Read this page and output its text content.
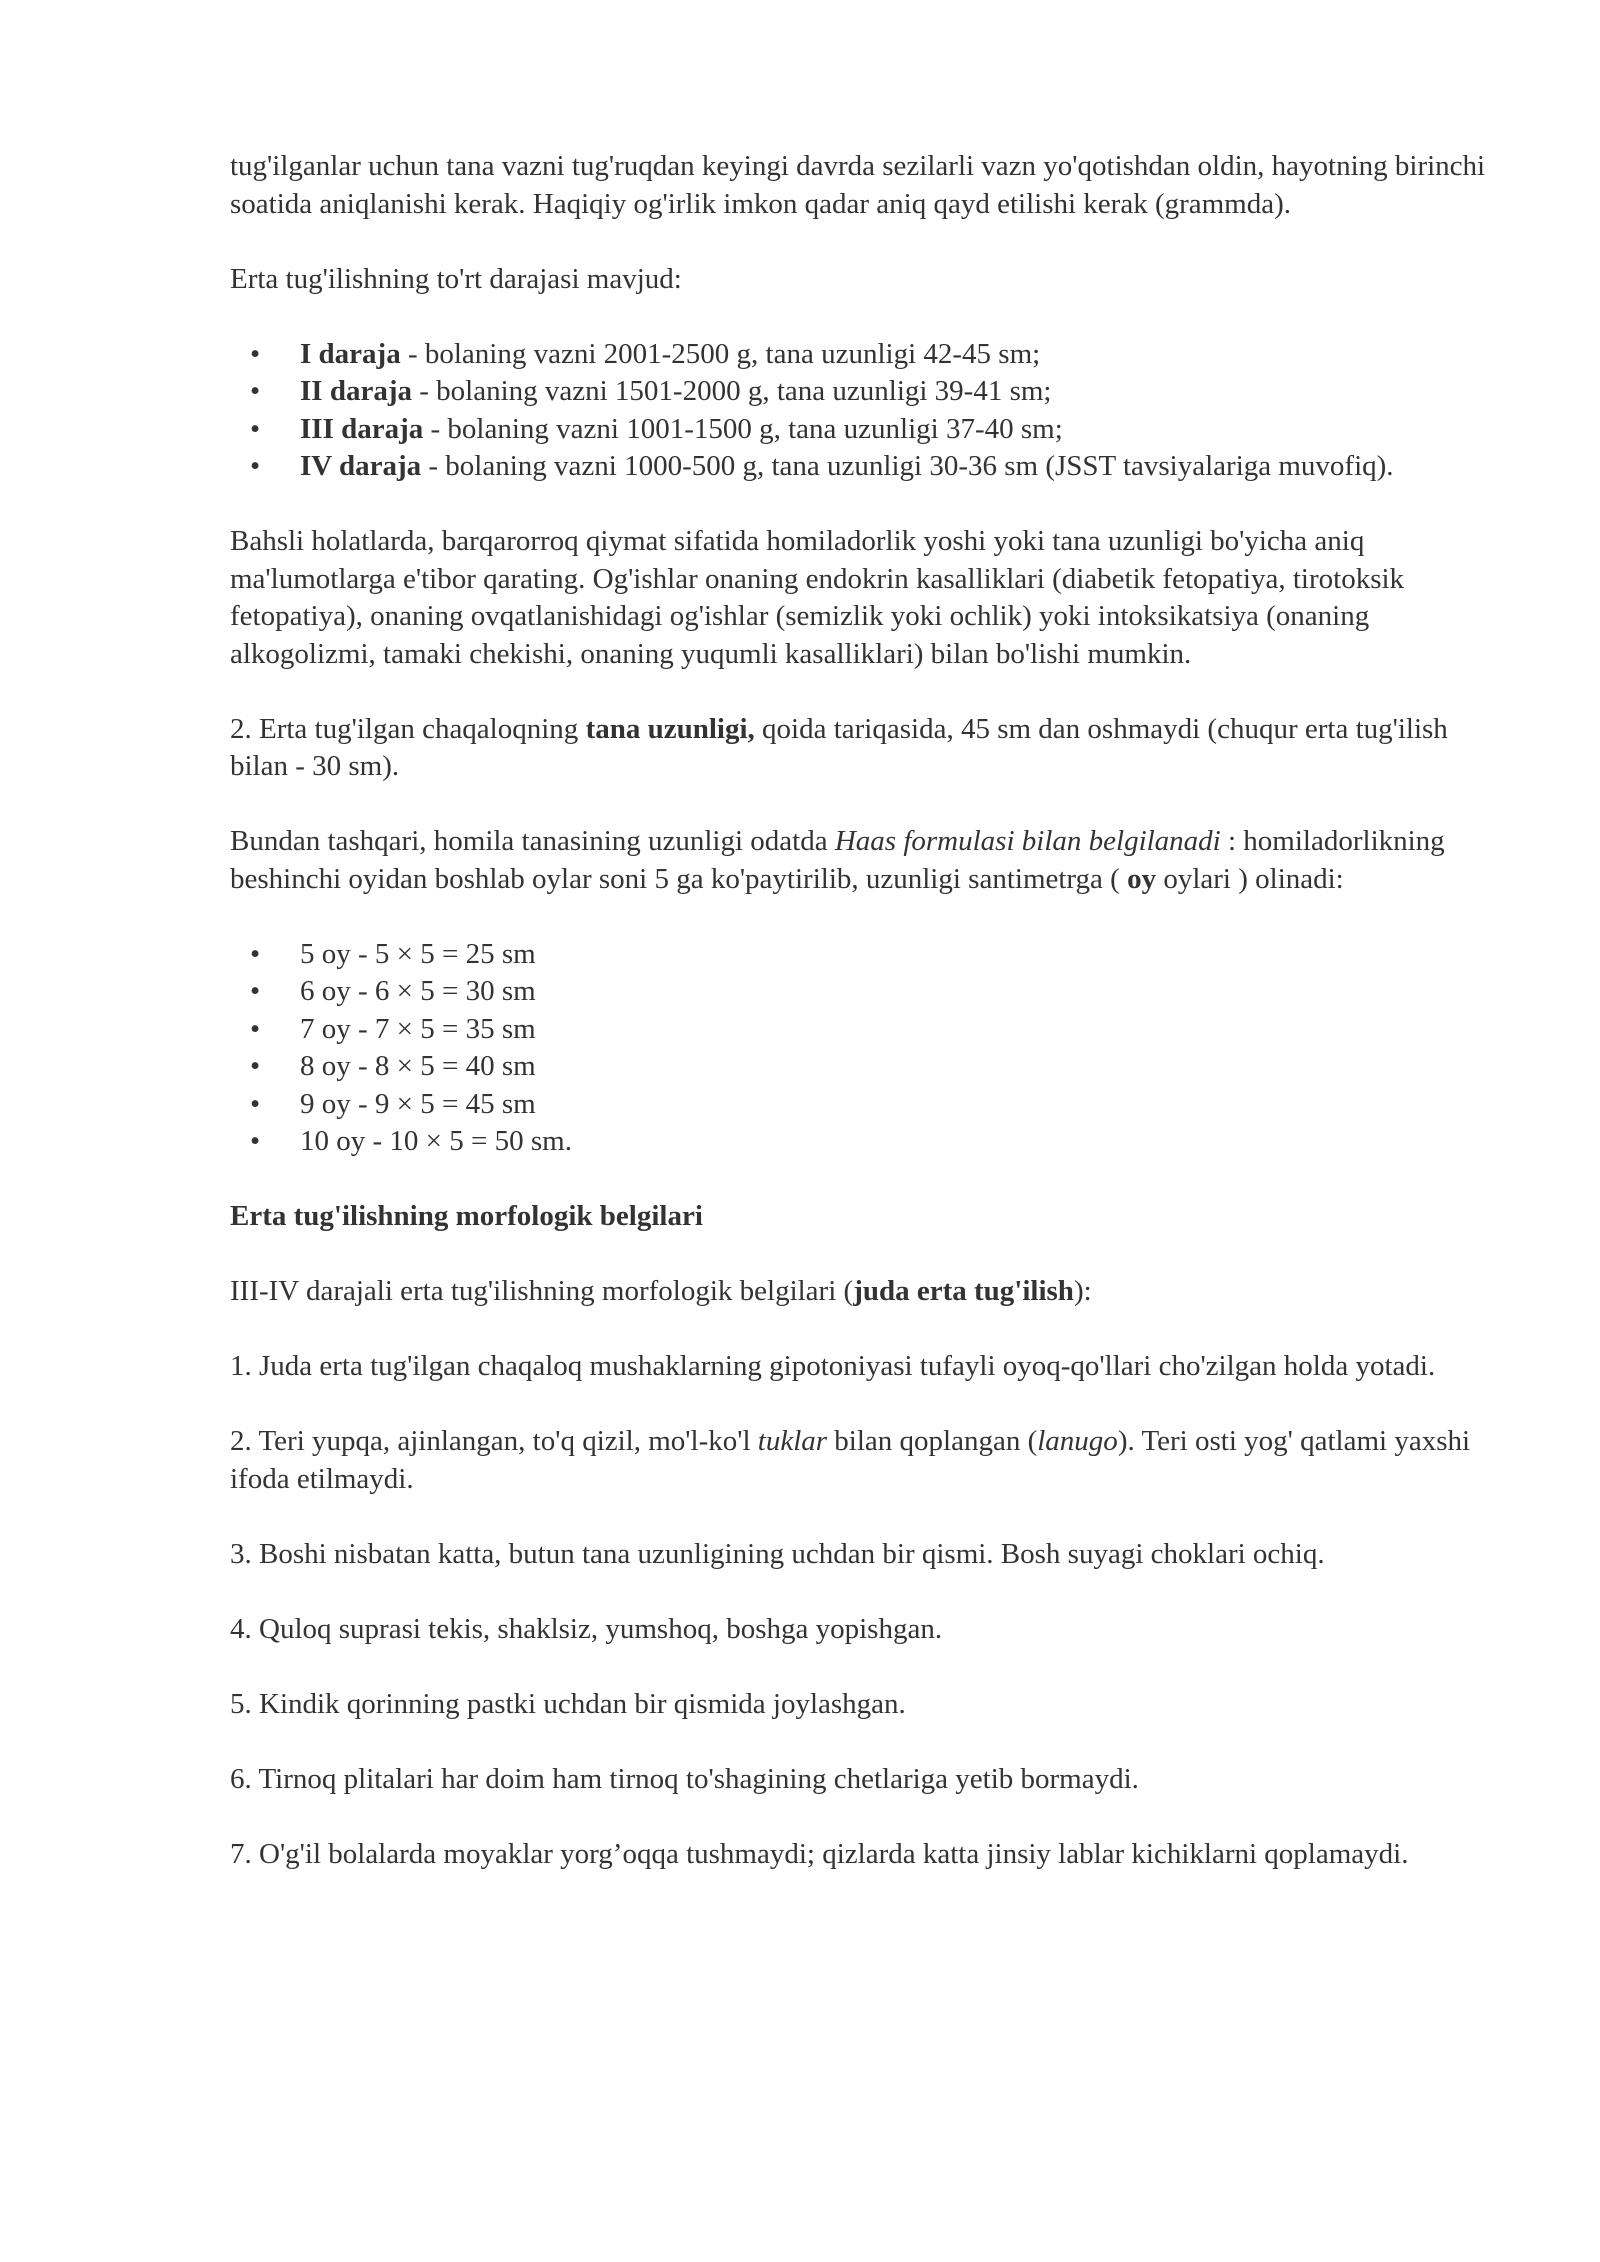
tug'ilganlar uchun tana vazni tug'ruqdan keyingi davrda sezilarli vazn yo'qotishdan oldin, hayotning birinchi soatida aniqlanishi kerak. Haqiqiy og'irlik imkon qadar aniq qayd etilishi kerak (grammda).

Erta tug'ilishning to'rt darajasi mavjud:

• I daraja - bolaning vazni 2001-2500 g, tana uzunligi 42-45 sm;
• II daraja - bolaning vazni 1501-2000 g, tana uzunligi 39-41 sm;
• III daraja - bolaning vazni 1001-1500 g, tana uzunligi 37-40 sm;
• IV daraja - bolaning vazni 1000-500 g, tana uzunligi 30-36 sm (JSST tavsiyalariga muvofiq).

Bahsli holatlarda, barqarorroq qiymat sifatida homiladorlik yoshi yoki tana uzunligi bo'yicha aniq ma'lumotlarga e'tibor qarating. Og'ishlar onaning endokrin kasalliklari (diabetik fetopatiya, tirotoksik fetopatiya), onaning ovqatlanishidagi og'ishlar (semizlik yoki ochlik) yoki intoksikatsiya (onaning alkogolizmi, tamaki chekishi, onaning yuqumli kasalliklari) bilan bo'lishi mumkin.

2. Erta tug'ilgan chaqaloqning tana uzunligi, qoida tariqasida, 45 sm dan oshmaydi (chuqur erta tug'ilish bilan - 30 sm).

Bundan tashqari, homila tanasining uzunligi odatda Haas formulasi bilan belgilanadi : homiladorlikning beshinchi oyidan boshlab oylar soni 5 ga ko'paytirilib, uzunligi santimetrga ( oy oylari ) olinadi:

• 5 oy - 5 × 5 = 25 sm
• 6 oy - 6 × 5 = 30 sm
• 7 oy - 7 × 5 = 35 sm
• 8 oy - 8 × 5 = 40 sm
• 9 oy - 9 × 5 = 45 sm
• 10 oy - 10 × 5 = 50 sm.

Erta tug'ilishning morfologik belgilari

III-IV darajali erta tug'ilishning morfologik belgilari (juda erta tug'ilish):

1. Juda erta tug'ilgan chaqaloq mushaklarning gipotoniyasi tufayli oyoq-qo'llari cho'zilgan holda yotadi.

2. Teri yupqa, ajinlangan, to'q qizil, mo'l-ko'l tuklar bilan qoplangan (lanugo). Teri osti yog' qatlami yaxshi ifoda etilmaydi.

3. Boshi nisbatan katta, butun tana uzunligining uchdan bir qismi. Bosh suyagi choklari ochiq.

4. Quloq suprasi tekis, shaklsiz, yumshoq, boshga yopishgan.

5. Kindik qorinning pastki uchdan bir qismida joylashgan.

6. Tirnoq plitalari har doim ham tirnoq to'shagining chetlariga yetib bormaydi.

7. O'g'il bolalarda moyaklar yorg’oqqa tushmaydi; qizlarda katta jinsiy lablar kichiklarni qoplamaydi.
